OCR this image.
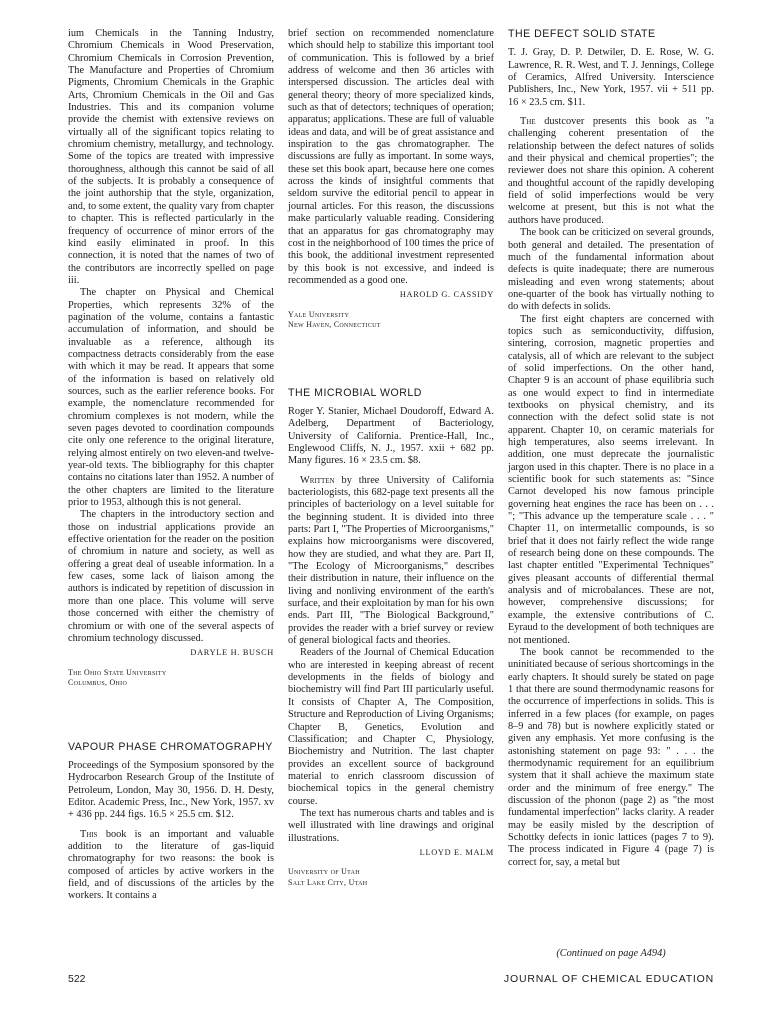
ium Chemicals in the Tanning Industry, Chromium Chemicals in Wood Preservation, Chromium Chemicals in Corrosion Prevention, The Manufacture and Properties of Chromium Pigments, Chromium Chemicals in the Graphic Arts, Chromium Chemicals in the Oil and Gas Industries. This and its companion volume provide the chemist with extensive reviews on virtually all of the significant topics relating to chromium chemistry, metallurgy, and technology. Some of the topics are treated with impressive thoroughness, although this cannot be said of all of the subjects. It is probably a consequence of the joint authorship that the style, organization, and, to some extent, the quality vary from chapter to chapter. This is reflected particularly in the frequency of occurrence of minor errors of the kind easily eliminated in proof. In this connection, it is noted that the names of two of the contributors are incorrectly spelled on page iii.

The chapter on Physical and Chemical Properties, which represents 32% of the pagination of the volume, contains a fantastic accumulation of information, and should be invaluable as a reference, although its compactness detracts considerably from the ease with which it may be read. It appears that some of the information is based on relatively old sources, such as the earlier reference books. For example, the nomenclature recommended for chromium complexes is not modern, while the seven pages devoted to coordination compounds cite only one reference to the original literature, relying almost entirely on two eleven-and twelve-year-old texts. The bibliography for this chapter contains no citations later than 1952. A number of the other chapters are limited to the literature prior to 1953, although this is not general.

The chapters in the introductory section and those on industrial applications provide an effective orientation for the reader on the position of chromium in nature and society, as well as offering a great deal of useable information. In a few cases, some lack of liaison among the authors is indicated by repetition of discussion in more than one place. This volume will serve those concerned with either the chemistry of chromium or with one of the several aspects of chromium technology discussed.

DARYLE H. BUSCH
The Ohio State University
Columbus, Ohio
VAPOUR PHASE CHROMATOGRAPHY

Proceedings of the Symposium sponsored by the Hydrocarbon Research Group of the Institute of Petroleum, London, May 30, 1956. D. H. Desty, Editor. Academic Press, Inc., New York, 1957. xv + 436 pp. 244 figs. 16.5 × 25.5 cm. $12.

This book is an important and valuable addition to the literature of gas-liquid chromatography for two reasons: the book is composed of articles by active workers in the field, and of discussions of the articles by the workers. It contains a

brief section on recommended nomenclature which should help to stabilize this important tool of communication. This is followed by a brief address of welcome and then 36 articles with interspersed discussion. The articles deal with general theory; theory of more specialized kinds, such as that of detectors; techniques of operation; apparatus; applications. These are full of valuable ideas and data, and will be of great assistance and inspiration to the gas chromatographer. The discussions are fully as important. In some ways, these set this book apart, because here one comes across the kinds of insightful comments that seldom survive the editorial pencil to appear in journal articles. For this reason, the discussions make particularly valuable reading. Considering that an apparatus for gas chromatography may cost in the neighborhood of 100 times the price of this book, the additional investment represented by this book is not excessive, and indeed is recommended as a good one.

HAROLD G. CASSIDY
Yale University
New Haven, Connecticut
THE MICROBIAL WORLD

Roger Y. Stanier, Michael Doudoroff, Edward A. Adelberg, Department of Bacteriology, University of California. Prentice-Hall, Inc., Englewood Cliffs, N. J., 1957. xxii + 682 pp. Many figures. 16 × 23.5 cm. $8.

Written by three University of California bacteriologists, this 682-page text presents all the principles of bacteriology on a level suitable for the beginning student. It is divided into three parts: Part I, "The Properties of Microorganisms," explains how microorganisms were discovered, how they are studied, and what they are. Part II, "The Ecology of Microorganisms," describes their distribution in nature, their influence on the living and nonliving environment of the earth's surface, and their exploitation by man for his own ends. Part III, "The Biological Background," provides the reader with a brief survey or review of general biological facts and theories.

Readers of the Journal of Chemical Education who are interested in keeping abreast of recent developments in the fields of biology and biochemistry will find Part III particularly useful. It consists of Chapter A, The Composition, Structure and Reproduction of Living Organisms; Chapter B, Genetics, Evolution and Classification; and Chapter C, Physiology, Biochemistry and Nutrition. The last chapter provides an excellent source of background material to enrich classroom discussion of biochemical topics in the general chemistry course.

The text has numerous charts and tables and is well illustrated with line drawings and original illustrations.

LLOYD E. MALM
University of Utah
Salt Lake City, Utah
THE DEFECT SOLID STATE

T. J. Gray, D. P. Detwiler, D. E. Rose, W. G. Lawrence, R. R. West, and T. J. Jennings, College of Ceramics, Alfred University. Interscience Publishers, Inc., New York, 1957. vii + 511 pp. 16 × 23.5 cm. $11.

The dustcover presents this book as "a challenging coherent presentation of the relationship between the defect natures of solids and their physical and chemical properties"; the reviewer does not share this opinion. A coherent and thoughtful account of the rapidly developing field of solid imperfections would be very welcome at present, but this is not what the authors have produced.

The book can be criticized on several grounds, both general and detailed. The presentation of much of the fundamental information about defects is quite inadequate; there are numerous misleading and even wrong statements; about one-quarter of the book has virtually nothing to do with defects in solids.

The first eight chapters are concerned with topics such as semiconductivity, diffusion, sintering, corrosion, magnetic properties and catalysis, all of which are relevant to the subject of solid imperfections. On the other hand, Chapter 9 is an account of phase equilibria such as one would expect to find in intermediate textbooks on physical chemistry, and its connection with the defect solid state is not apparent. Chapter 10, on ceramic materials for high temperatures, also seems irrelevant. In addition, one must deprecate the journalistic jargon used in this chapter. There is no place in a scientific book for such statements as: "Since Carnot developed his now famous principle governing heat engines the race has been on . . . "; "This advance up the temperature scale . . . " Chapter 11, on intermetallic compounds, is so brief that it does not fairly reflect the wide range of research being done on these compounds. The last chapter entitled "Experimental Techniques" gives pleasant accounts of differential thermal analysis and of microbalances. These are not, however, comprehensive discussions; for example, the extensive contributions of C. Eyraud to the development of both techniques are not mentioned.

The book cannot be recommended to the uninitiated because of serious shortcomings in the early chapters. It should surely be stated on page 1 that there are sound thermodynamic reasons for the occurrence of imperfections in solids. This is inferred in a few places (for example, on pages 8–9 and 78) but is nowhere explicitly stated or given any emphasis. Yet more confusing is the astonishing statement on page 93: " . . . the thermodynamic requirement for an equilibrium system that it shall achieve the maximum state order and the minimum of free energy." The discussion of the phonon (page 2) as "the most fundamental imperfection" lacks clarity. A reader may be easily misled by the description of Schottky defects in ionic lattices (pages 7 to 9). The process indicated in Figure 4 (page 7) is correct for, say, a metal but

(Continued on page A494)
522	JOURNAL OF CHEMICAL EDUCATION
